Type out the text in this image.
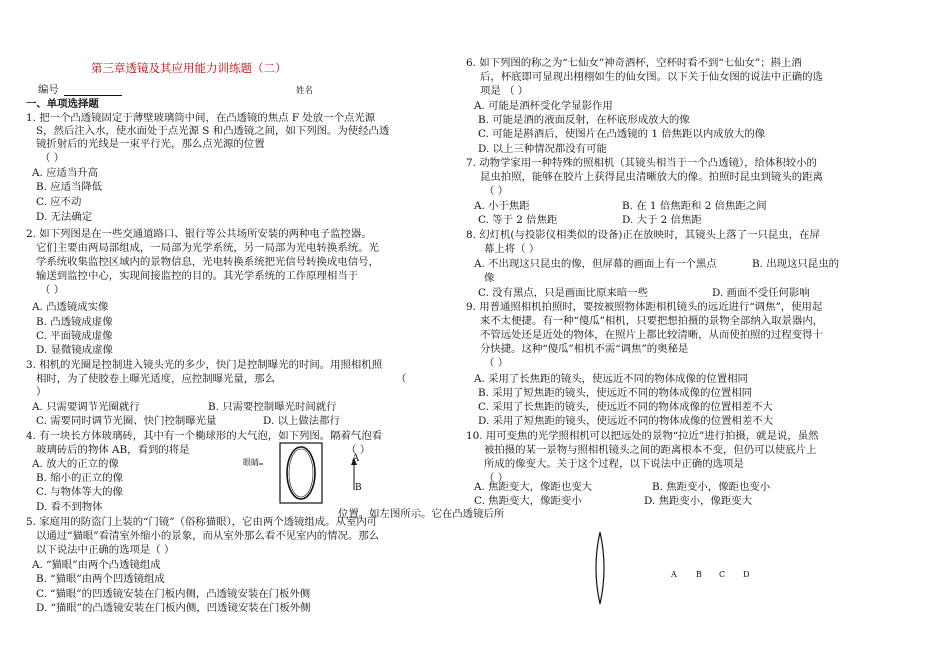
第三章透镜及其应用能力训练题（二）
编号	姓名
一、单项选择题
1. 把一个凸透镜固定于薄壁玻璃筒中间，在凸透镜的焦点 F 处放一个点光源
S，然后注入水，使水面处于点光源 S 和凸透镜之间，如下列图。为使经凸透
镜折射后的光线是一束平行光，那么点光源的位置
（ ）
A. 应适当升高
B. 应适当降低
C. 应不动
D. 无法确定
2. 如下列图是在一些交通道路口、银行等公共场所安装的两种电子监控器。
它们主要由两局部组成，一局部为光学系统，另一局部为光电转换系统。光
学系统收集监控区域内的景物信息，光电转换系统把光信号转换成电信号，
输送到监控中心，实现间接监控的目的。其光学系统的工作原理相当于
（ ）
A. 凸透镜成实像
B. 凸透镜成虚像
C. 平面镜成虚像
D. 显微镜成虚像
3. 相机的光圈是控制进入镜头光的多少，快门是控制曝光的时间。用照相机照
相时，为了使胶卷上曝光适度，应控制曝光量，那么	（
）
A. 只需要调节光圈就行	B. 只需要控制曝光时间就行
C. 需要同时调节光圈、快门控制曝光量	D. 以上做法都行
4. 有一块长方体玻璃砖，其中有一个椭球形的大气泡，如下列图。隔着气泡看
玻璃砖后的物体 AB，看到的将是	（ ）
A. 放大的正立的像
B. 缩小的正立的像
C. 与物体等大的像
D. 看不到物体
眼睛	A
B
5. 家庭用的防盗门上装的“门镜”（俗称猫眼），它由两个透镜组成。从室内可
以通过“猫眼”看清室外缩小的景象，而从室外那么看不见室内的情况。那么
以下说法中正确的选项是（ ）
A. “猫眼”由两个凸透镜组成
B. “猫眼”由两个凹透镜组成
C. “猫眼”的凹透镜安装在门板内侧，凸透镜安装在门板外侧
D. “猫眼”的凸透镜安装在门板内侧，凹透镜安装在门板外侧
6. 如下列图的称之为“七仙女”神奇酒杯，空杯时看不到“七仙女”；斟上酒
后，杯底即可显现出栩栩如生的仙女图。以下关于仙女图的说法中正确的选
项是 （ ）
A. 可能是酒杯受化学显影作用
B. 可能是酒的液面反射，在杯底形成放大的像
C. 可能是斟酒后，使图片在凸透镜的 1 倍焦距以内成放大的像
D. 以上三种情况都没有可能
7. 动物学家用一种特殊的照相机（其镜头相当于一个凸透镜），给体积较小的
昆虫拍照，能够在胶片上获得昆虫清晰放大的像。拍照时昆虫到镜头的距离
（ ）
A. 小于焦距	B. 在 1 倍焦距和 2 倍焦距之间
C. 等于 2 倍焦距	D. 大于 2 倍焦距
8. 幻灯机(与投影仪相类似的设备)正在放映时，其镜头上落了一只昆虫，在屏
幕上将（ ）
A. 不出现这只昆虫的像，但屏幕的画面上有一个黑点	B. 出现这只昆虫的
像
C. 没有黑点，只是画面比原来暗一些	D. 画面不受任何影响
9. 用普通照相机拍照时，要按被照物体距相机镜头的远近进行“调焦”，使用起
来不太便捷。有一种“傻瓜”相机，只要把想拍摄的景物全部纳入取景器内，
不管远处还是近处的物体，在照片上都比较清晰，从而使拍照的过程变得十
分快捷。这种“傻瓜”相机不需“调焦”的奥秘是
（ ）
A. 采用了长焦距的镜头，使远近不同的物体成像的位置相同
B. 采用了短焦距的镜头，使远近不同的物体成像的位置相同
C. 采用了长焦距的镜头，使远近不同的物体成像的位置相差不大
D. 采用了短焦距的镜头，使远近不同的物体成像的位置相差不大
10. 用可变焦的光学照相机可以把远处的景物“拉近”进行拍摄，就是说，虽然
被拍摄的某一景物与照相机镜头之间的距离根本不变，但仍可以使底片上
所成的像变大。关于这个过程，以下说法中正确的选项是
（ ）
A. 焦距变大，像距也变大	B. 焦距变小，像距也变小
C. 焦距变大，像距变小	D. 焦距变小，像距变大
位置。如左图所示。它在凸透镜后所
A B C D
